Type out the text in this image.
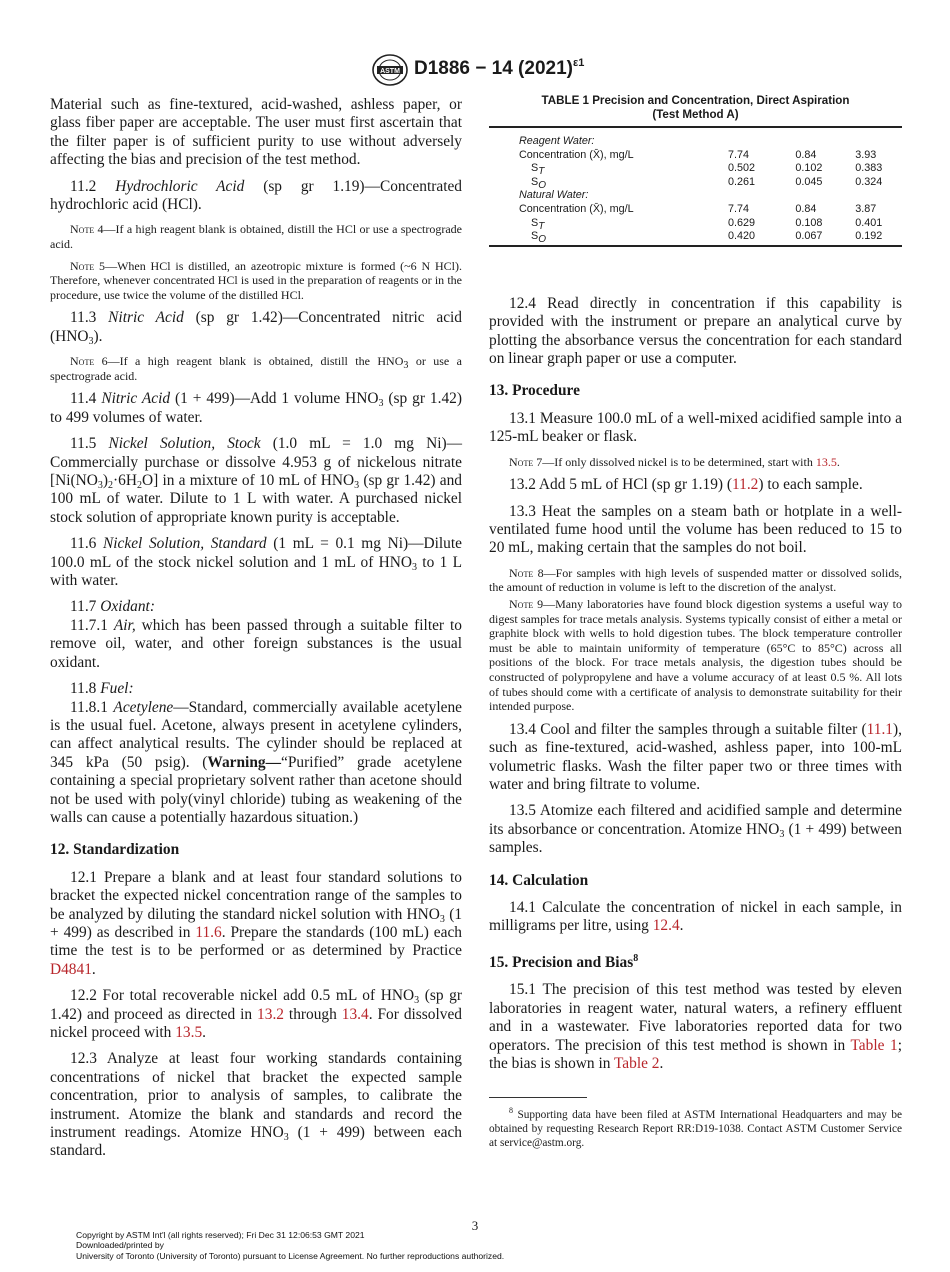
ASTM D1886 − 14 $(2021)^{\varepsilon 1}$

Material such as fine-textured, acid-washed, ashless paper, or glass fiber paper are acceptable. The user must first ascertain that the filter paper is of sufficient purity to use without adversely affecting the bias and precision of the test method.

11.2 Hydrochloric Acid (sp gr 1.19)—Concentrated hydrochloric acid (HCl).

Note 4—If a high reagent blank is obtained, distill the HCl or use a spectrograde acid.

Note 5—When HCl is distilled, an azeotropic mixture is formed (~6 N HCl). Therefore, whenever concentrated HCl is used in the preparation of reagents or in the procedure, use twice the volume of the distilled HCl.

11.3 Nitric Acid (sp gr 1.42)—Concentrated nitric acid $(HNO_3)$.

Note 6—If a high reagent blank is obtained, distill the $HNO_3$ or use a spectrograde acid.

11.4 Nitric Acid (1 + 499)—Add 1 volume $HNO_3$ (sp gr 1.42) to 499 volumes of water.

11.5 Nickel Solution, Stock (1.0 mL = 1.0 mg Ni)—Commercially purchase or dissolve 4.953 g of nickelous nitrate $[Ni(NO_3)_2\cdot 6H_2O]$ in a mixture of 10 mL of $HNO_3$ (sp gr 1.42) and 100 mL of water. Dilute to 1 L with water. A purchased nickel stock solution of appropriate known purity is acceptable.

11.6 Nickel Solution, Standard (1 mL = 0.1 mg Ni)—Dilute 100.0 mL of the stock nickel solution and 1 mL of $HNO_3$ to 1 L with water.

11.7 Oxidant:

11.7.1 Air, which has been passed through a suitable filter to remove oil, water, and other foreign substances is the usual oxidant.

11.8 Fuel:

11.8.1 Acetylene—Standard, commercially available acetylene is the usual fuel. Acetone, always present in acetylene cylinders, can affect analytical results. The cylinder should be replaced at 345 kPa (50 psig). (Warning—“Purified” grade acetylene containing a special proprietary solvent rather than acetone should not be used with poly(vinyl chloride) tubing as weakening of the walls can cause a potentially hazardous situation.)

12. Standardization

12.1 Prepare a blank and at least four standard solutions to bracket the expected nickel concentration range of the samples to be analyzed by diluting the standard nickel solution with $HNO_3$ (1 + 499) as described in 11.6. Prepare the standards (100 mL) each time the test is to be performed or as determined by Practice D4841.

12.2 For total recoverable nickel add 0.5 mL of $HNO_3$ (sp gr 1.42) and proceed as directed in 13.2 through 13.4. For dissolved nickel proceed with 13.5.

12.3 Analyze at least four working standards containing concentrations of nickel that bracket the expected sample concentration, prior to analysis of samples, to calibrate the instrument. Atomize the blank and standards and record the instrument readings. Atomize $HNO_3$ (1 + 499) between each standard.

TABLE 1 Precision and Concentration, Direct Aspiration
(Test Method A)
Reagent Water:			
Concentration (X̄), mg/L	7.74	0.84	3.93
$S_T$	0.502	0.102	0.383
$S_O$	0.261	0.045	0.324
Natural Water:			
Concentration (X̄), mg/L	7.74	0.84	3.87
$S_T$	0.629	0.108	0.401
$S_O$	0.420	0.067	0.192

12.4 Read directly in concentration if this capability is provided with the instrument or prepare an analytical curve by plotting the absorbance versus the concentration for each standard on linear graph paper or use a computer.

13. Procedure

13.1 Measure 100.0 mL of a well-mixed acidified sample into a 125-mL beaker or flask.

Note 7—If only dissolved nickel is to be determined, start with 13.5.

13.2 Add 5 mL of HCl (sp gr 1.19) (11.2) to each sample.

13.3 Heat the samples on a steam bath or hotplate in a well-ventilated fume hood until the volume has been reduced to 15 to 20 mL, making certain that the samples do not boil.

Note 8—For samples with high levels of suspended matter or dissolved solids, the amount of reduction in volume is left to the discretion of the analyst.

Note 9—Many laboratories have found block digestion systems a useful way to digest samples for trace metals analysis. Systems typically consist of either a metal or graphite block with wells to hold digestion tubes. The block temperature controller must be able to maintain uniformity of temperature (65°C to 85°C) across all positions of the block. For trace metals analysis, the digestion tubes should be constructed of polypropylene and have a volume accuracy of at least 0.5 %. All lots of tubes should come with a certificate of analysis to demonstrate suitability for their intended purpose.

13.4 Cool and filter the samples through a suitable filter (11.1), such as fine-textured, acid-washed, ashless paper, into 100-mL volumetric flasks. Wash the filter paper two or three times with water and bring filtrate to volume.

13.5 Atomize each filtered and acidified sample and determine its absorbance or concentration. Atomize $HNO_3$ (1 + 499) between samples.

14. Calculation

14.1 Calculate the concentration of nickel in each sample, in milligrams per litre, using 12.4.

15. Precision and Bias$^8$

15.1 The precision of this test method was tested by eleven laboratories in reagent water, natural waters, a refinery effluent and in a wastewater. Five laboratories reported data for two operators. The precision of this test method is shown in Table 1; the bias is shown in Table 2.

$^8$ Supporting data have been filed at ASTM International Headquarters and may be obtained by requesting Research Report RR:D19-1038. Contact ASTM Customer Service at service@astm.org.

3
Copyright by ASTM Int'l (all rights reserved); Fri Dec 31 12:06:53 GMT 2021
Downloaded/printed by
University of Toronto (University of Toronto) pursuant to License Agreement. No further reproductions authorized.
